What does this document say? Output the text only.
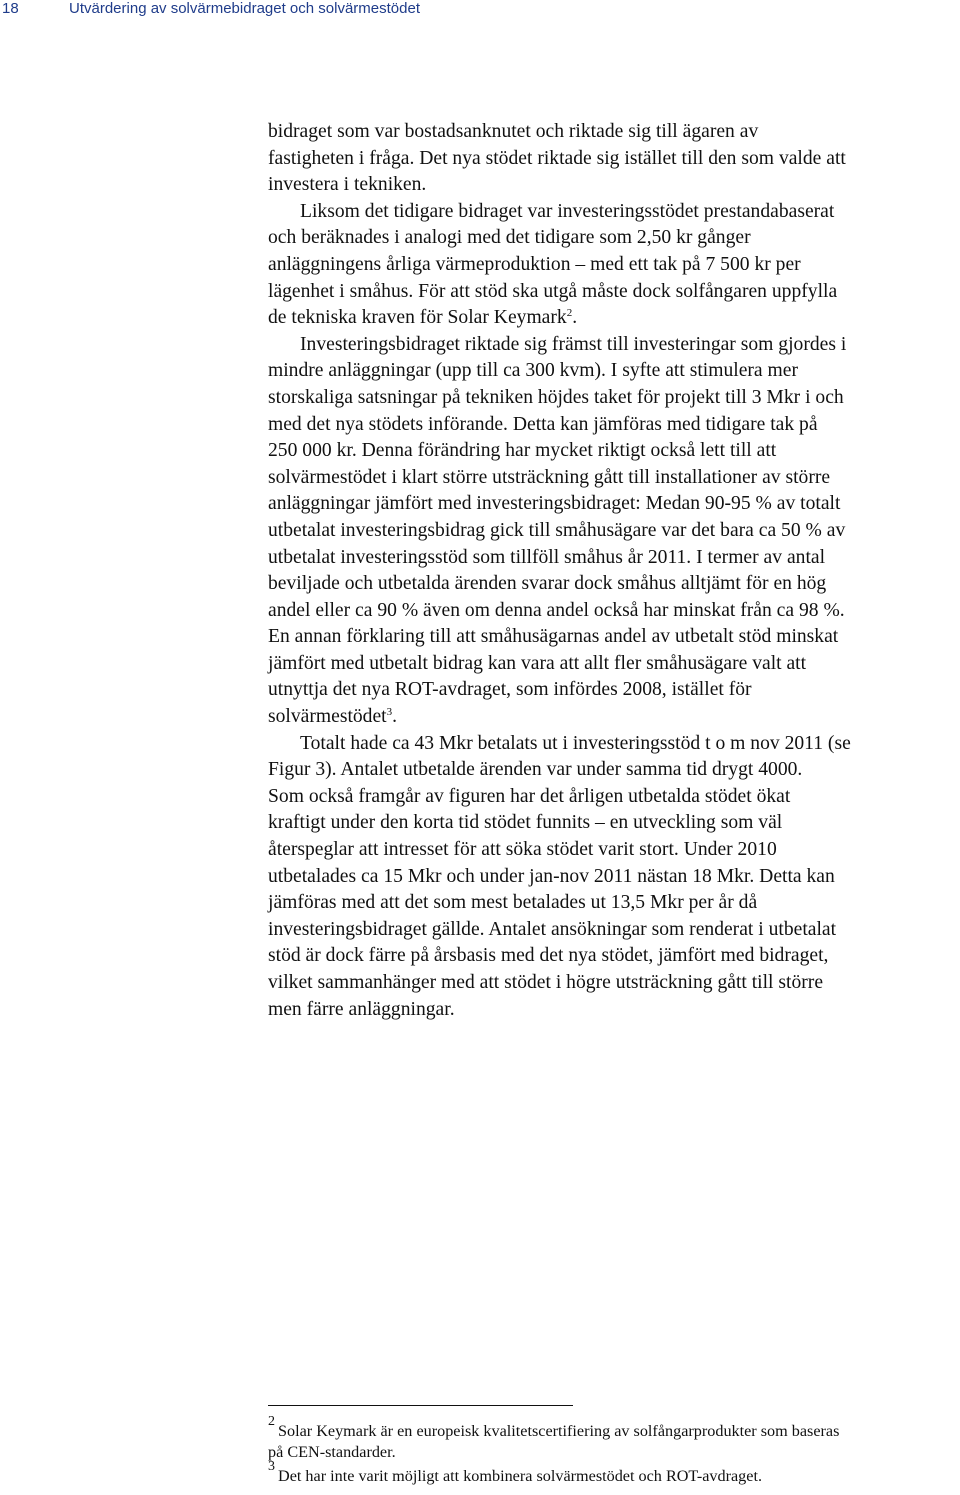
18	Utvärdering av solvärmebidraget och solvärmestödet

bidraget som var bostadsanknutet och riktade sig till ägaren av
fastigheten i fråga. Det nya stödet riktade sig istället till den som valde att
investera i tekniken.

Liksom det tidigare bidraget var investeringsstödet prestandabaserat
och beräknades i analogi med det tidigare som 2,50 kr gånger
anläggningens årliga värmeproduktion – med ett tak på 7 500 kr per
lägenhet i småhus. För att stöd ska utgå måste dock solfångaren uppfylla
de tekniska kraven för Solar Keymark$^2$.

Investeringsbidraget riktade sig främst till investeringar som gjordes i
mindre anläggningar (upp till ca 300 kvm). I syfte att stimulera mer
storskaliga satsningar på tekniken höjdes taket för projekt till 3 Mkr i och
med det nya stödets införande. Detta kan jämföras med tidigare tak på
250 000 kr. Denna förändring har mycket riktigt också lett till att
solvärmestödet i klart större utsträckning gått till installationer av större
anläggningar jämfört med investeringsbidraget: Medan 90-95 % av totalt
utbetalat investeringsbidrag gick till småhusägare var det bara ca 50 % av
utbetalat investeringsstöd som tillföll småhus år 2011. I termer av antal
beviljade och utbetalda ärenden svarar dock småhus alltjämt för en hög
andel eller ca 90 % även om denna andel också har minskat från ca 98 %.
En annan förklaring till att småhusägarnas andel av utbetalt stöd minskat
jämfört med utbetalt bidrag kan vara att allt fler småhusägare valt att
utnyttja det nya ROT-avdraget, som infördes 2008, istället för
solvärmestödet$^3$.

Totalt hade ca 43 Mkr betalats ut i investeringsstöd t o m nov 2011 (se
Figur 3). Antalet utbetalde ärenden var under samma tid drygt 4000.
Som också framgår av figuren har det årligen utbetalda stödet ökat
kraftigt under den korta tid stödet funnits – en utveckling som väl
återspeglar att intresset för att söka stödet varit stort. Under 2010
utbetalades ca 15 Mkr och under jan-nov 2011 nästan 18 Mkr. Detta kan
jämföras med att det som mest betalades ut 13,5 Mkr per år då
investeringsbidraget gällde. Antalet ansökningar som renderat i utbetalat
stöd är dock färre på årsbasis med det nya stödet, jämfört med bidraget,
vilket sammanhänger med att stödet i högre utsträckning gått till större
men färre anläggningar.

2
Solar Keymark är en europeisk kvalitetscertifiering av solfångarprodukter som baseras
på CEN-standarder.
3
Det har inte varit möjligt att kombinera solvärmestödet och ROT-avdraget.
